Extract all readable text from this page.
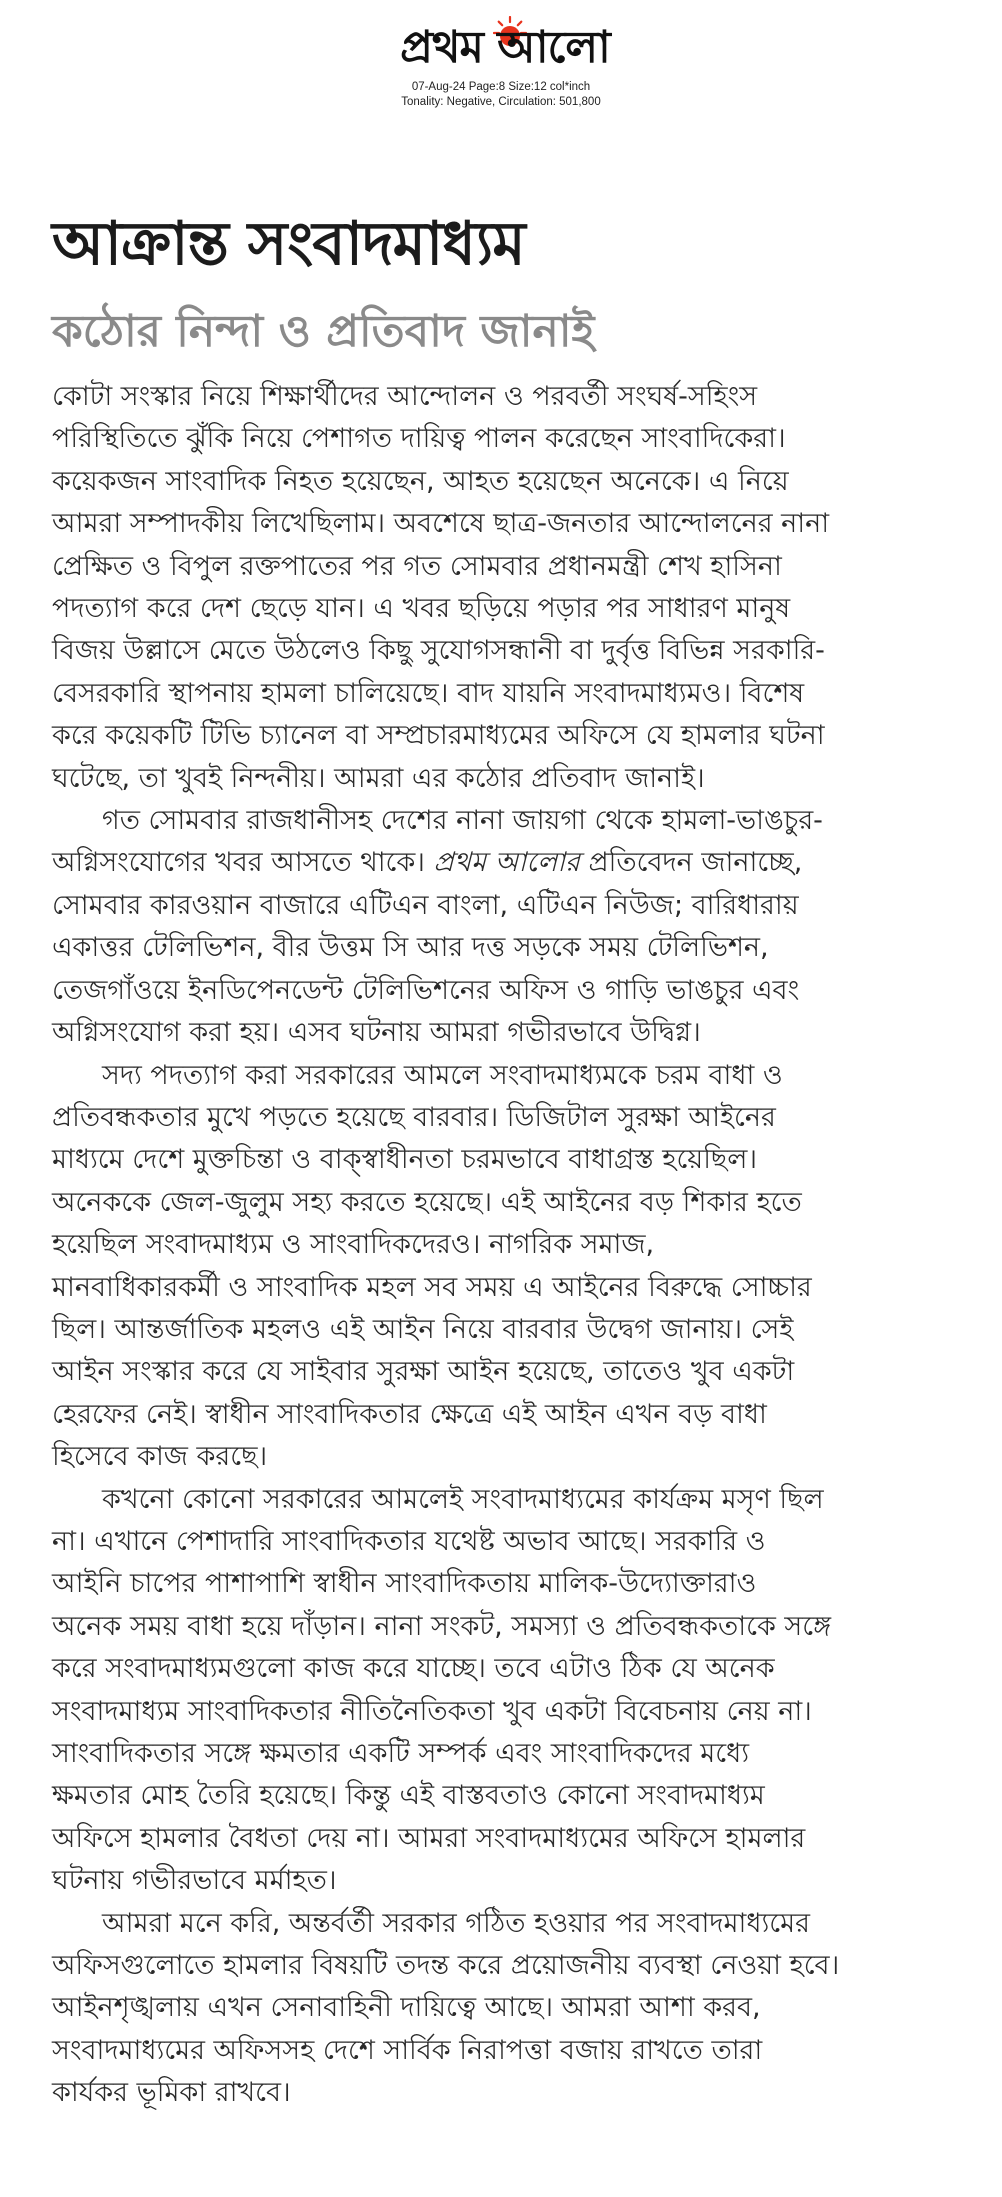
প্রথম আলো
07-Aug-24 Page:8 Size:12 col*inch
Tonality: Negative, Circulation: 501,800
আক্রান্ত সংবাদমাধ্যম
কঠোর নিন্দা ও প্রতিবাদ জানাই

কোটা সংস্কার নিয়ে শিক্ষার্থীদের আন্দোলন ও পরবর্তী সংঘর্ষ-সহিংস
পরিস্থিতিতে ঝুঁকি নিয়ে পেশাগত দায়িত্ব পালন করেছেন সাংবাদিকেরা।
কয়েকজন সাংবাদিক নিহত হয়েছেন, আহত হয়েছেন অনেকে। এ নিয়ে
আমরা সম্পাদকীয় লিখেছিলাম। অবশেষে ছাত্র-জনতার আন্দোলনের নানা
প্রেক্ষিত ও বিপুল রক্তপাতের পর গত সোমবার প্রধানমন্ত্রী শেখ হাসিনা
পদত্যাগ করে দেশ ছেড়ে যান। এ খবর ছড়িয়ে পড়ার পর সাধারণ মানুষ
বিজয় উল্লাসে মেতে উঠলেও কিছু সুযোগসন্ধানী বা দুর্বৃত্ত বিভিন্ন সরকারি-
বেসরকারি স্থাপনায় হামলা চালিয়েছে। বাদ যায়নি সংবাদমাধ্যমও। বিশেষ
করে কয়েকটি টিভি চ্যানেল বা সম্প্রচারমাধ্যমের অফিসে যে হামলার ঘটনা
ঘটেছে, তা খুবই নিন্দনীয়। আমরা এর কঠোর প্রতিবাদ জানাই।

গত সোমবার রাজধানীসহ দেশের নানা জায়গা থেকে হামলা-ভাঙচুর-
অগ্নিসংযোগের খবর আসতে থাকে। প্রথম আলোর প্রতিবেদন জানাচ্ছে,
সোমবার কারওয়ান বাজারে এটিএন বাংলা, এটিএন নিউজ; বারিধারায়
একাত্তর টেলিভিশন, বীর উত্তম সি আর দত্ত সড়কে সময় টেলিভিশন,
তেজগাঁওয়ে ইনডিপেনডেন্ট টেলিভিশনের অফিস ও গাড়ি ভাঙচুর এবং
অগ্নিসংযোগ করা হয়। এসব ঘটনায় আমরা গভীরভাবে উদ্বিগ্ন।

সদ্য পদত্যাগ করা সরকারের আমলে সংবাদমাধ্যমকে চরম বাধা ও
প্রতিবন্ধকতার মুখে পড়তে হয়েছে বারবার। ডিজিটাল সুরক্ষা আইনের
মাধ্যমে দেশে মুক্তচিন্তা ও বাক্স্বাধীনতা চরমভাবে বাধাগ্রস্ত হয়েছিল।
অনেককে জেল-জুলুম সহ্য করতে হয়েছে। এই আইনের বড় শিকার হতে
হয়েছিল সংবাদমাধ্যম ও সাংবাদিকদেরও। নাগরিক সমাজ,
মানবাধিকারকর্মী ও সাংবাদিক মহল সব সময় এ আইনের বিরুদ্ধে সোচ্চার
ছিল। আন্তর্জাতিক মহলও এই আইন নিয়ে বারবার উদ্বেগ জানায়। সেই
আইন সংস্কার করে যে সাইবার সুরক্ষা আইন হয়েছে, তাতেও খুব একটা
হেরফের নেই। স্বাধীন সাংবাদিকতার ক্ষেত্রে এই আইন এখন বড় বাধা
হিসেবে কাজ করছে।

কখনো কোনো সরকারের আমলেই সংবাদমাধ্যমের কার্যক্রম মসৃণ ছিল
না। এখানে পেশাদারি সাংবাদিকতার যথেষ্ট অভাব আছে। সরকারি ও
আইনি চাপের পাশাপাশি স্বাধীন সাংবাদিকতায় মালিক-উদ্যোক্তারাও
অনেক সময় বাধা হয়ে দাঁড়ান। নানা সংকট, সমস্যা ও প্রতিবন্ধকতাকে সঙ্গে
করে সংবাদমাধ্যমগুলো কাজ করে যাচ্ছে। তবে এটাও ঠিক যে অনেক
সংবাদমাধ্যম সাংবাদিকতার নীতিনৈতিকতা খুব একটা বিবেচনায় নেয় না।
সাংবাদিকতার সঙ্গে ক্ষমতার একটি সম্পর্ক এবং সাংবাদিকদের মধ্যে
ক্ষমতার মোহ তৈরি হয়েছে। কিন্তু এই বাস্তবতাও কোনো সংবাদমাধ্যম
অফিসে হামলার বৈধতা দেয় না। আমরা সংবাদমাধ্যমের অফিসে হামলার
ঘটনায় গভীরভাবে মর্মাহত।

আমরা মনে করি, অন্তর্বর্তী সরকার গঠিত হওয়ার পর সংবাদমাধ্যমের
অফিসগুলোতে হামলার বিষয়টি তদন্ত করে প্রয়োজনীয় ব্যবস্থা নেওয়া হবে।
আইনশৃঙ্খলায় এখন সেনাবাহিনী দায়িত্বে আছে। আমরা আশা করব,
সংবাদমাধ্যমের অফিসসহ দেশে সার্বিক নিরাপত্তা বজায় রাখতে তারা
কার্যকর ভূমিকা রাখবে।
